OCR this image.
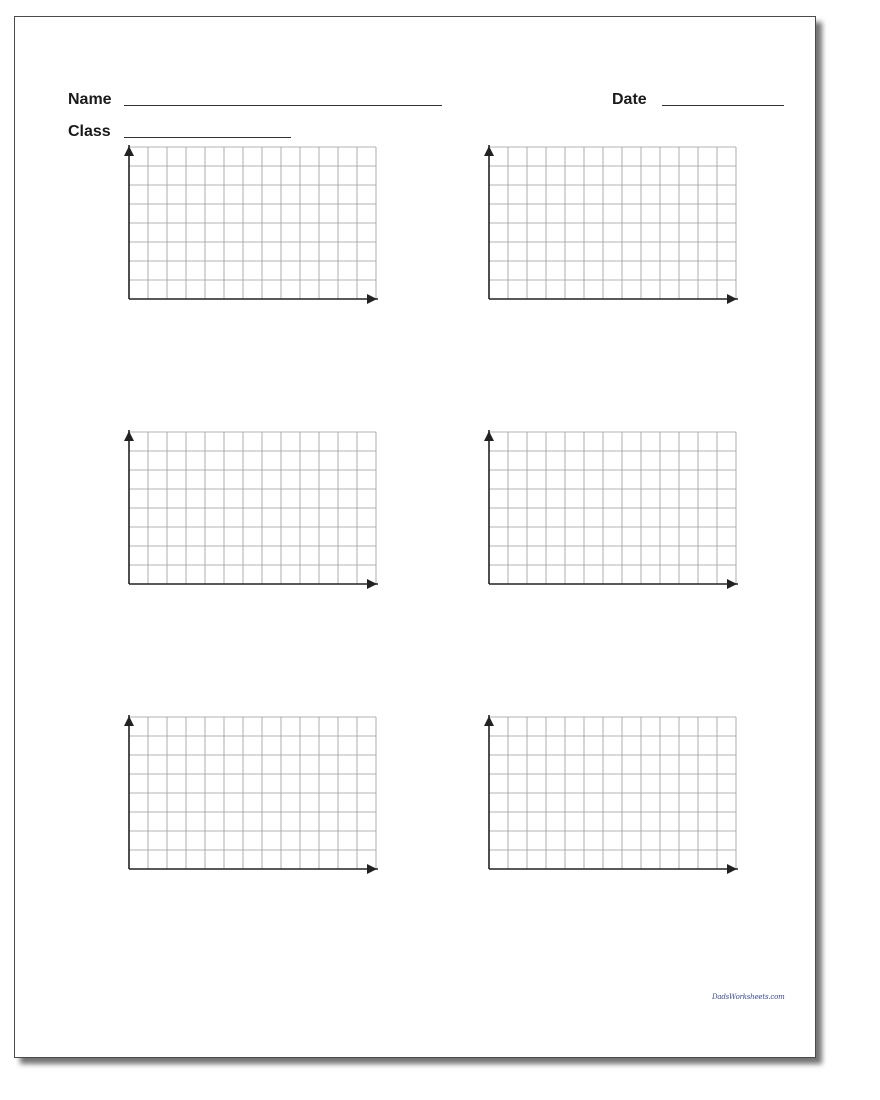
Name	Date
Class
DadsWorksheets.com
